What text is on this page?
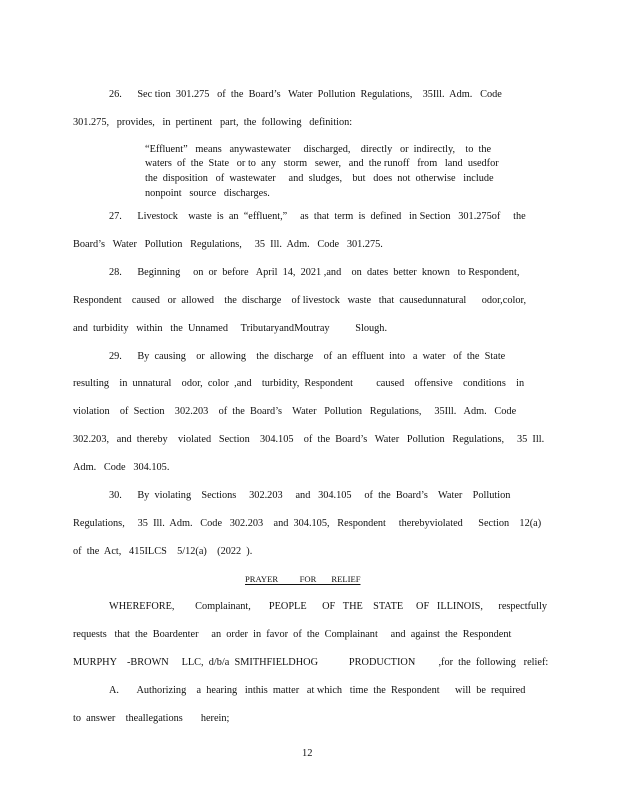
26.      Sec tion  301.275   of  the  Board’s   Water  Pollution  Regulations,    35Ill.  Adm.   Code
301.275,   provides,   in  pertinent   part,  the  following   definition:
“Effluent”   means   anywastewater     discharged,    directly   or  indirectly,    to  the
waters  of  the  State   or to  any   storm   sewer,   and  the runoff   from   land  usedfor
the  disposition   of  wastewater     and  sludges,    but   does  not  otherwise   include
nonpoint   source   discharges.
27.      Livestock    waste  is  an  “effluent,”     as  that  term  is  defined   in Section   301.275of     the
Board’s   Water   Pollution   Regulations,     35  Ill.  Adm.   Code   301.275.
28.      Beginning     on  or  before   April  14,  2021 ,and    on  dates  better  known   to Respondent,
Respondent    caused   or  allowed    the  discharge    of livestock   waste   that  causedunnatural      odor,color,
and  turbidity   within   the  Unnamed     TributaryandMoutray          Slough.
29.      By  causing    or  allowing    the  discharge    of  an  effluent  into   a  water   of  the  State
resulting    in  unnatural    odor,  color  ,and    turbidity,  Respondent         caused    offensive    conditions    in
violation    of  Section    302.203    of  the  Board’s    Water   Pollution   Regulations,     35Ill.   Adm.   Code
302.203,   and  thereby    violated   Section    304.105    of  the  Board’s   Water   Pollution   Regulations,     35  Ill.
Adm.   Code   304.105.
30.      By  violating    Sections     302.203     and   304.105     of  the  Board’s    Water    Pollution
Regulations,     35  Ill.  Adm.   Code   302.203    and  304.105,   Respondent     therebyviolated      Section    12(a)
of  the  Act,   415ILCS    5/12(a)    (2022  ).
PRAYER          FOR       RELIEF
WHEREFORE,        Complainant,       PEOPLE      OF   THE    STATE     OF   ILLINOIS,      respectfully
requests   that  the  Boardenter     an  order  in  favor  of  the  Complainant     and  against  the  Respondent
MURPHY    -BROWN     LLC,  d/b/a  SMITHFIELDHOG            PRODUCTION         ,for  the  following   relief:
A.       Authorizing    a  hearing   inthis  matter   at which   time  the  Respondent      will  be  required
to  answer    theallegations       herein;
12
